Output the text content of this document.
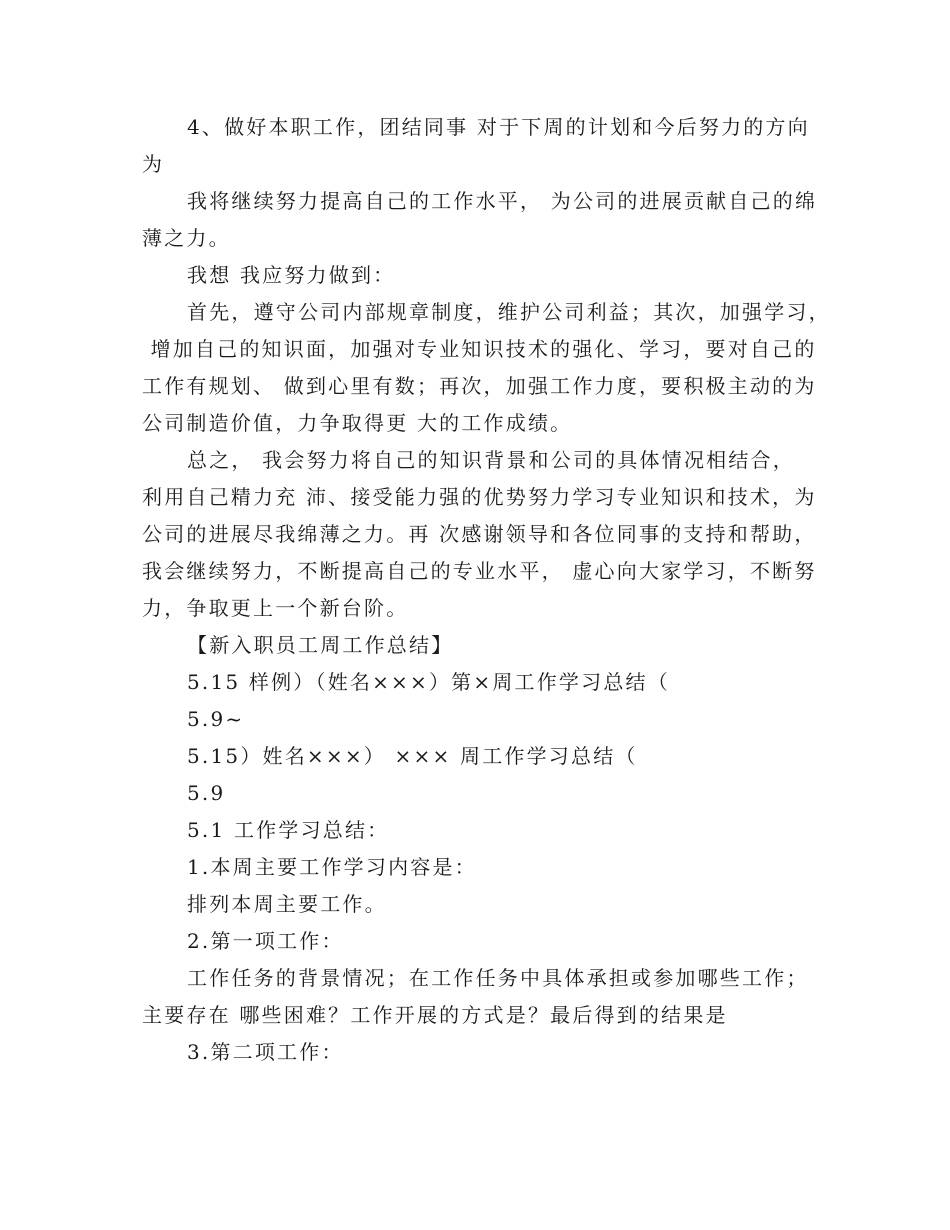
4、做好本职工作，团结同事 对于下周的计划和今后努力的方向
为
我将继续努力提高自己的工作水平， 为公司的进展贡献自己的绵
薄之力。
我想 我应努力做到：
首先，遵守公司内部规章制度，维护公司利益；其次，加强学习，
增加自己的知识面，加强对专业知识技术的强化、学习，要对自己的
工作有规划、 做到心里有数；再次，加强工作力度，要积极主动的为
公司制造价值，力争取得更 大的工作成绩。
总之， 我会努力将自己的知识背景和公司的具体情况相结合，
利用自己精力充 沛、接受能力强的优势努力学习专业知识和技术，为
公司的进展尽我绵薄之力。再 次感谢领导和各位同事的支持和帮助，
我会继续努力，不断提高自己的专业水平， 虚心向大家学习，不断努
力，争取更上一个新台阶。
【新入职员工周工作总结】
5.15 样例）（姓名×××）第×周工作学习总结（
5.9~
5.15）姓名×××） ××× 周工作学习总结（
5.9
5.1 工作学习总结：
1.本周主要工作学习内容是：
排列本周主要工作。
2.第一项工作：
工作任务的背景情况；在工作任务中具体承担或参加哪些工作；
主要存在 哪些困难？工作开展的方式是？最后得到的结果是
3.第二项工作：
